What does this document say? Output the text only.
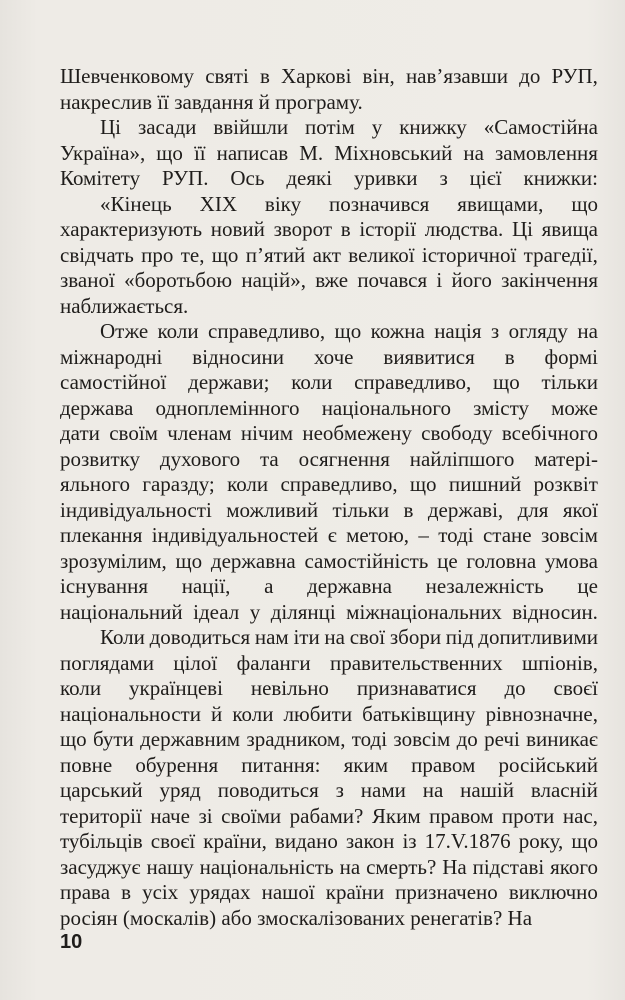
Шевченковому святі в Харкові він, нав’язавши до РУП,
накреслив її завдання й програму.
Ці засади ввійшли потім у книжку «Самостійна
Україна», що її написав М. Міхновський на замовлення
Комітету РУП. Ось деякі уривки з цієї книжки:
«Кінець XIX віку позначився явищами, що
характеризують новий зворот в історії людства. Ці явища
свідчать про те, що п’ятий акт великої історичної трагедії,
званої «боротьбою націй», вже почався і його закінчення
наближається.
Отже коли справедливо, що кожна нація з огляду на
міжнародні відносини хоче виявитися в формі
самостійної держави; коли справедливо, що тільки
держава одноплемінного національного змісту може
дати своїм членам нічим необмежену свободу всебічного
розвитку духового та осягнення найліпшого матері-
яльного гаразду; коли справедливо, що пишний розквіт
індивідуальності можливий тільки в державі, для якої
плекання індивідуальностей є метою, – тоді стане зовсім
зрозумілим, що державна самостійність це головна умова
існування нації, а державна незалежність це
національний ідеал у ділянці міжнаціональних відносин.
Коли доводиться нам іти на свої збори під допитливими
поглядами цілої фаланги правительственних шпіонів,
коли українцеві невільно признаватися до своєї
національности й коли любити батьківщину рівнозначне,
що бути державним зрадником, тоді зовсім до речі виникає
повне обурення питання: яким правом російський
царський уряд поводиться з нами на нашій власній
території наче зі своїми рабами? Яким правом проти нас,
тубільців своєї країни, видано закон із 17.V.1876 року, що
засуджує нашу національність на смерть? На підставі якого
права в усіх урядах нашої країни призначено виключно
росіян (москалів) або змоскалізованих ренегатів? На
10
